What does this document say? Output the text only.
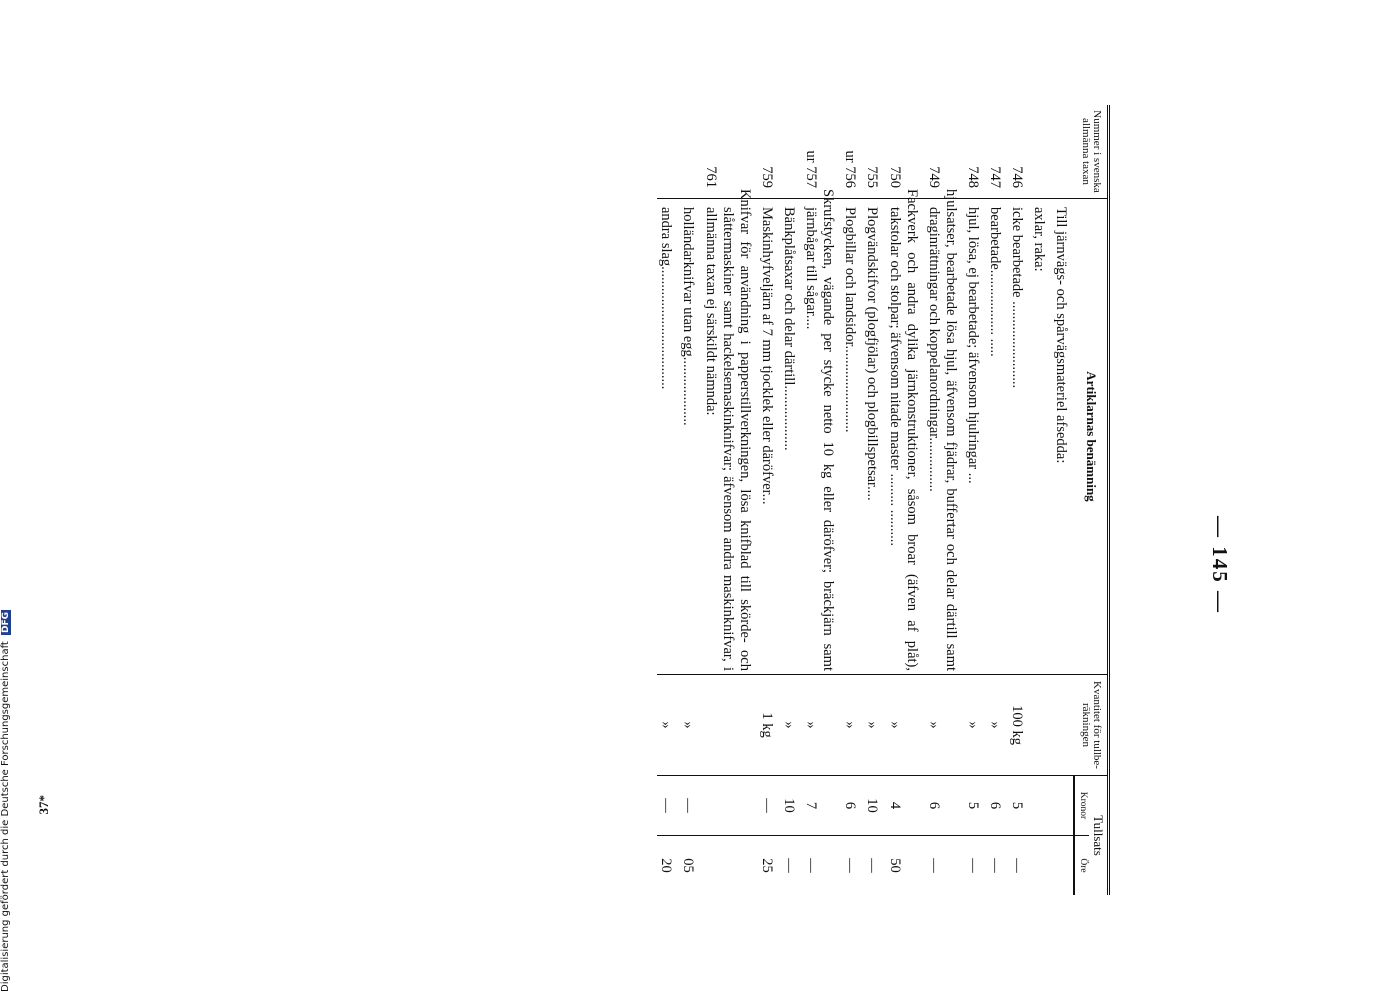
— 145 —
Nummer i svenska allmänna taxan	Artiklarnas benämning	Kvantitet för tullbe-räkningen	Tullsats	
			Kronor	Öre
	Till järnvägs- och spårvägsmateriel afsedda:			
	axlar, raka:			
746	icke bearbetade ........................	100 kg	5	—
747	bearbetade.................. .....	»	6	—
748	hjul, lösa, ej bearbetade; äfvensom hjulringar ...	»	5	—
749	hjulsatser, bearbetade lösa hjul, äfvensom fjädrar, buffertar och delar därtill samt draginrättningar och koppelanordningar...............	»	6	—
750	Fackverk och andra dylika järnkonstruktioner, såsom broar (äfven af plåt), takstolar och stolpar; äfvensom nitade master ......... ..........	»	4	50
755	Plogvändskifvor (plogfjölar) och plogbillspetsar....	»	10	—
ur 756	Plogbillar och landsidor........................	»	6	—
ur 757	Skrufstycken, vägande per stycke netto 10 kg eller däröfver; bräckjärn samt järnbågar till sågar....	»	7	—
	Bänkplåtsaxar och delar därtill..................	»	10	—
759	Maskinhyfveljärn af 7 mm tjocklek eller däröfver...	1 kg	—	25
761	Knifvar för användning i papperstillverkningen, lösa knifblad till skörde- och slåttermaskiner samt hackelsemaskinknifvar; äfvensom andra maskinknifvar, i allmänna taxan ej särskildt nämnda:			
	holländarknifvar utan egg...................	»	—	05
	andra slag..................................	»	—	20
37*
Digitalisierung gefördert durch die Deutsche Forschungsgemeinschaft DFG
